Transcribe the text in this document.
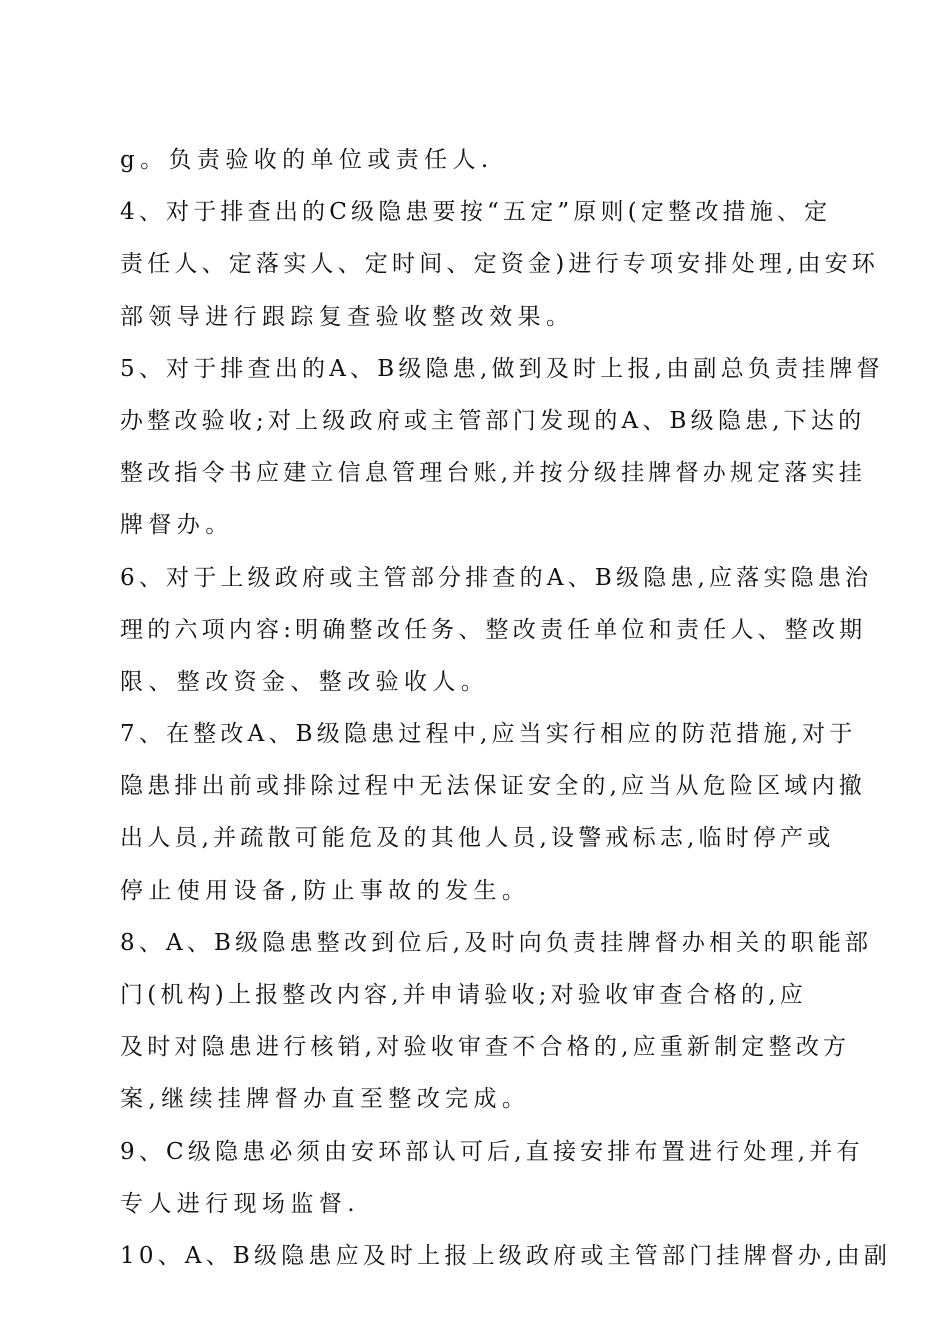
g。负责验收的单位或责任人.
4、对于排查出的C级隐患要按“五定”原则(定整改措施、定
责任人、定落实人、定时间、定资金)进行专项安排处理,由安环
部领导进行跟踪复查验收整改效果。
5、对于排查出的A、B级隐患,做到及时上报,由副总负责挂牌督
办整改验收;对上级政府或主管部门发现的A、B级隐患,下达的
整改指令书应建立信息管理台账,并按分级挂牌督办规定落实挂
牌督办。
6、对于上级政府或主管部分排查的A、B级隐患,应落实隐患治
理的六项内容:明确整改任务、整改责任单位和责任人、整改期
限、整改资金、整改验收人。
7、在整改A、B级隐患过程中,应当实行相应的防范措施,对于
隐患排出前或排除过程中无法保证安全的,应当从危险区域内撤
出人员,并疏散可能危及的其他人员,设警戒标志,临时停产或
停止使用设备,防止事故的发生。
8、A、B级隐患整改到位后,及时向负责挂牌督办相关的职能部
门(机构)上报整改内容,并申请验收;对验收审查合格的,应
及时对隐患进行核销,对验收审查不合格的,应重新制定整改方
案,继续挂牌督办直至整改完成。
9、C级隐患必须由安环部认可后,直接安排布置进行处理,并有
专人进行现场监督.
10、A、B级隐患应及时上报上级政府或主管部门挂牌督办,由副
